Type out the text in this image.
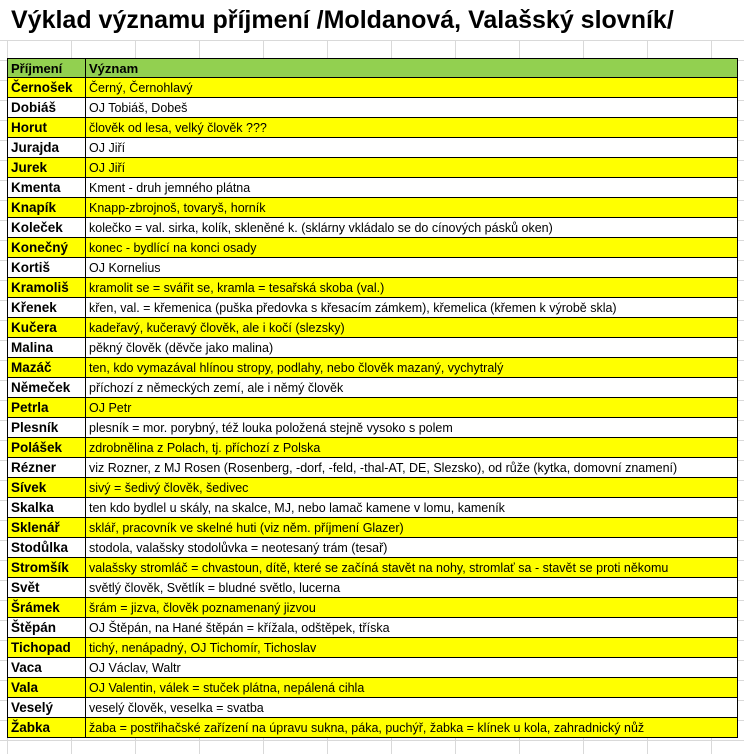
Výklad významu příjmení /Moldanová, Valašský slovník/
Příjmení	Význam
Černošek	Černý, Černohlavý
Dobiáš	OJ Tobiáš, Dobeš
Horut	člověk od lesa, velký člověk ???
Jurajda	OJ Jiří
Jurek	OJ Jiří
Kmenta	Kment - druh jemného plátna
Knapík	Knapp-zbrojnoš, tovaryš, horník
Koleček	kolečko = val. sirka, kolík, skleněné k. (sklárny vkládalo se do cínových pásků oken)
Konečný	konec - bydlící na konci osady
Kortiš	OJ Kornelius
Kramoliš	kramolit se = svářit se, kramla = tesařská skoba (val.)
Křenek	křen, val. = křemenica (puška předovka s křesacím zámkem), křemelica (křemen k výrobě skla)
Kučera	kadeřavý, kučeravý člověk, ale i kočí (slezsky)
Malina	pěkný člověk (děvče jako malina)
Mazáč	ten, kdo vymazával hlínou stropy, podlahy, nebo člověk mazaný, vychytralý
Němeček	příchozí z německých zemí, ale i němý člověk
Petrla	OJ Petr
Plesník	plesník = mor. porybný, též louka položená stejně vysoko s polem
Polášek	zdrobnělina z Polach, tj. příchozí z Polska
Rézner	viz Rozner, z MJ Rosen (Rosenberg, -dorf, -feld, -thal-AT, DE, Slezsko), od růže (kytka, domovní znamení)
Sívek	sivý = šedivý člověk, šedivec
Skalka	ten kdo bydlel u skály, na skalce, MJ, nebo lamač kamene v lomu, kameník
Sklenář	sklář, pracovník ve skelné huti (viz něm. příjmení Glazer)
Stodůlka	stodola, valašsky stodolůvka = neotesaný trám (tesař)
Stromšík	valašsky stromláč = chvastoun, dítě, které se začíná stavět na nohy, stromlať sa - stavět se proti někomu
Svět	světlý člověk, Světlík = bludné světlo, lucerna
Šrámek	šrám = jizva, člověk poznamenaný jizvou
Štěpán	OJ Štěpán, na Hané štěpán = křížala, odštěpek, tříska
Tichopad	tichý, nenápadný, OJ Tichomír, Tichoslav
Vaca	OJ Václav, Waltr
Vala	OJ Valentin, válek = stuček plátna, nepálená cihla
Veselý	veselý člověk, veselka = svatba
Žabka	žaba = postřihačské zařízení na úpravu sukna, páka, puchýř, žabka = klínek u kola, zahradnický nůž
